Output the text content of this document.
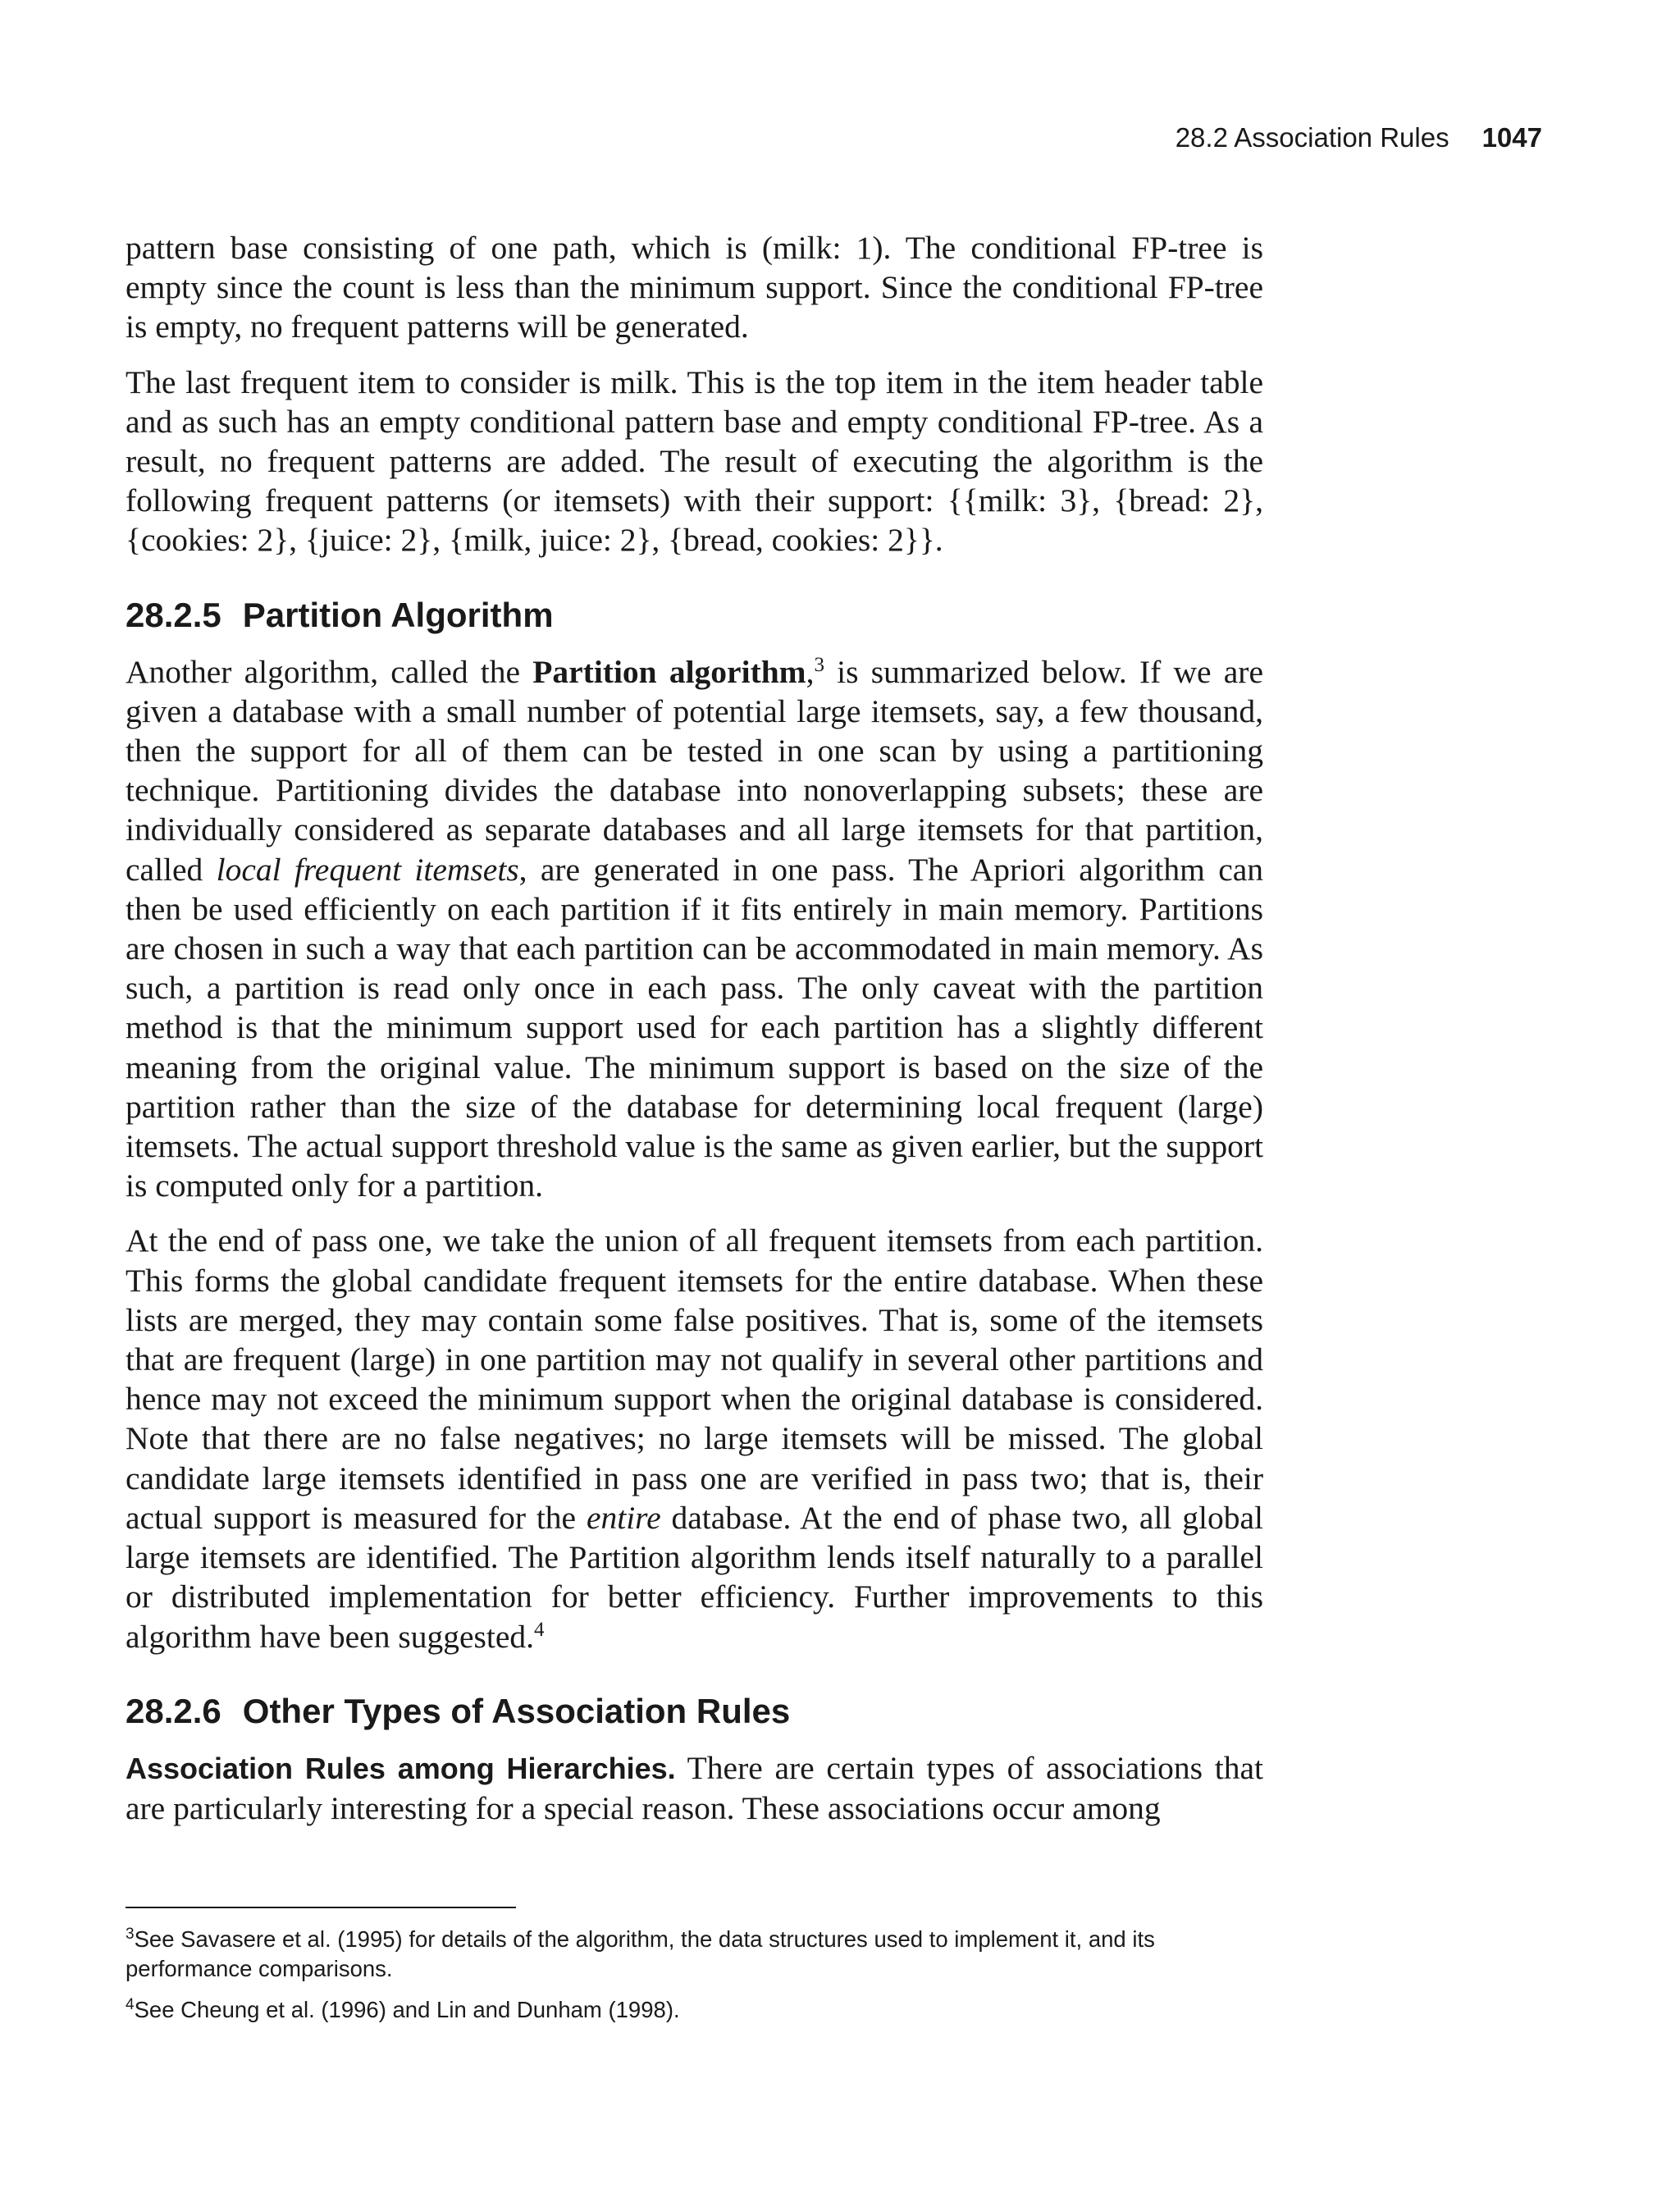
28.2 Association Rules 1047

pattern base consisting of one path, which is (milk: 1). The conditional FP-tree is empty since the count is less than the minimum support. Since the conditional FP-tree is empty, no frequent patterns will be generated.

The last frequent item to consider is milk. This is the top item in the item header table and as such has an empty conditional pattern base and empty conditional FP-tree. As a result, no frequent patterns are added. The result of executing the algorithm is the following frequent patterns (or itemsets) with their support: {{milk: 3}, {bread: 2}, {cookies: 2}, {juice: 2}, {milk, juice: 2}, {bread, cookies: 2}}.

28.2.5 Partition Algorithm

Another algorithm, called the Partition algorithm,$^3$ is summarized below. If we are given a database with a small number of potential large itemsets, say, a few thousand, then the support for all of them can be tested in one scan by using a partitioning technique. Partitioning divides the database into nonoverlapping subsets; these are individually considered as separate databases and all large itemsets for that partition, called local frequent itemsets, are generated in one pass. The Apriori algorithm can then be used efficiently on each partition if it fits entirely in main memory. Partitions are chosen in such a way that each partition can be accommodated in main memory. As such, a partition is read only once in each pass. The only caveat with the partition method is that the minimum support used for each partition has a slightly different meaning from the original value. The minimum support is based on the size of the partition rather than the size of the database for determining local frequent (large) itemsets. The actual support threshold value is the same as given earlier, but the support is computed only for a partition.

At the end of pass one, we take the union of all frequent itemsets from each partition. This forms the global candidate frequent itemsets for the entire database. When these lists are merged, they may contain some false positives. That is, some of the itemsets that are frequent (large) in one partition may not qualify in several other partitions and hence may not exceed the minimum support when the original database is considered. Note that there are no false negatives; no large itemsets will be missed. The global candidate large itemsets identified in pass one are verified in pass two; that is, their actual support is measured for the entire database. At the end of phase two, all global large itemsets are identified. The Partition algorithm lends itself naturally to a parallel or distributed implementation for better efficiency. Further improvements to this algorithm have been suggested.$^4$

28.2.6 Other Types of Association Rules

Association Rules among Hierarchies. There are certain types of associations that are particularly interesting for a special reason. These associations occur among

$^3$See Savasere et al. (1995) for details of the algorithm, the data structures used to implement it, and its performance comparisons.

$^4$See Cheung et al. (1996) and Lin and Dunham (1998).
